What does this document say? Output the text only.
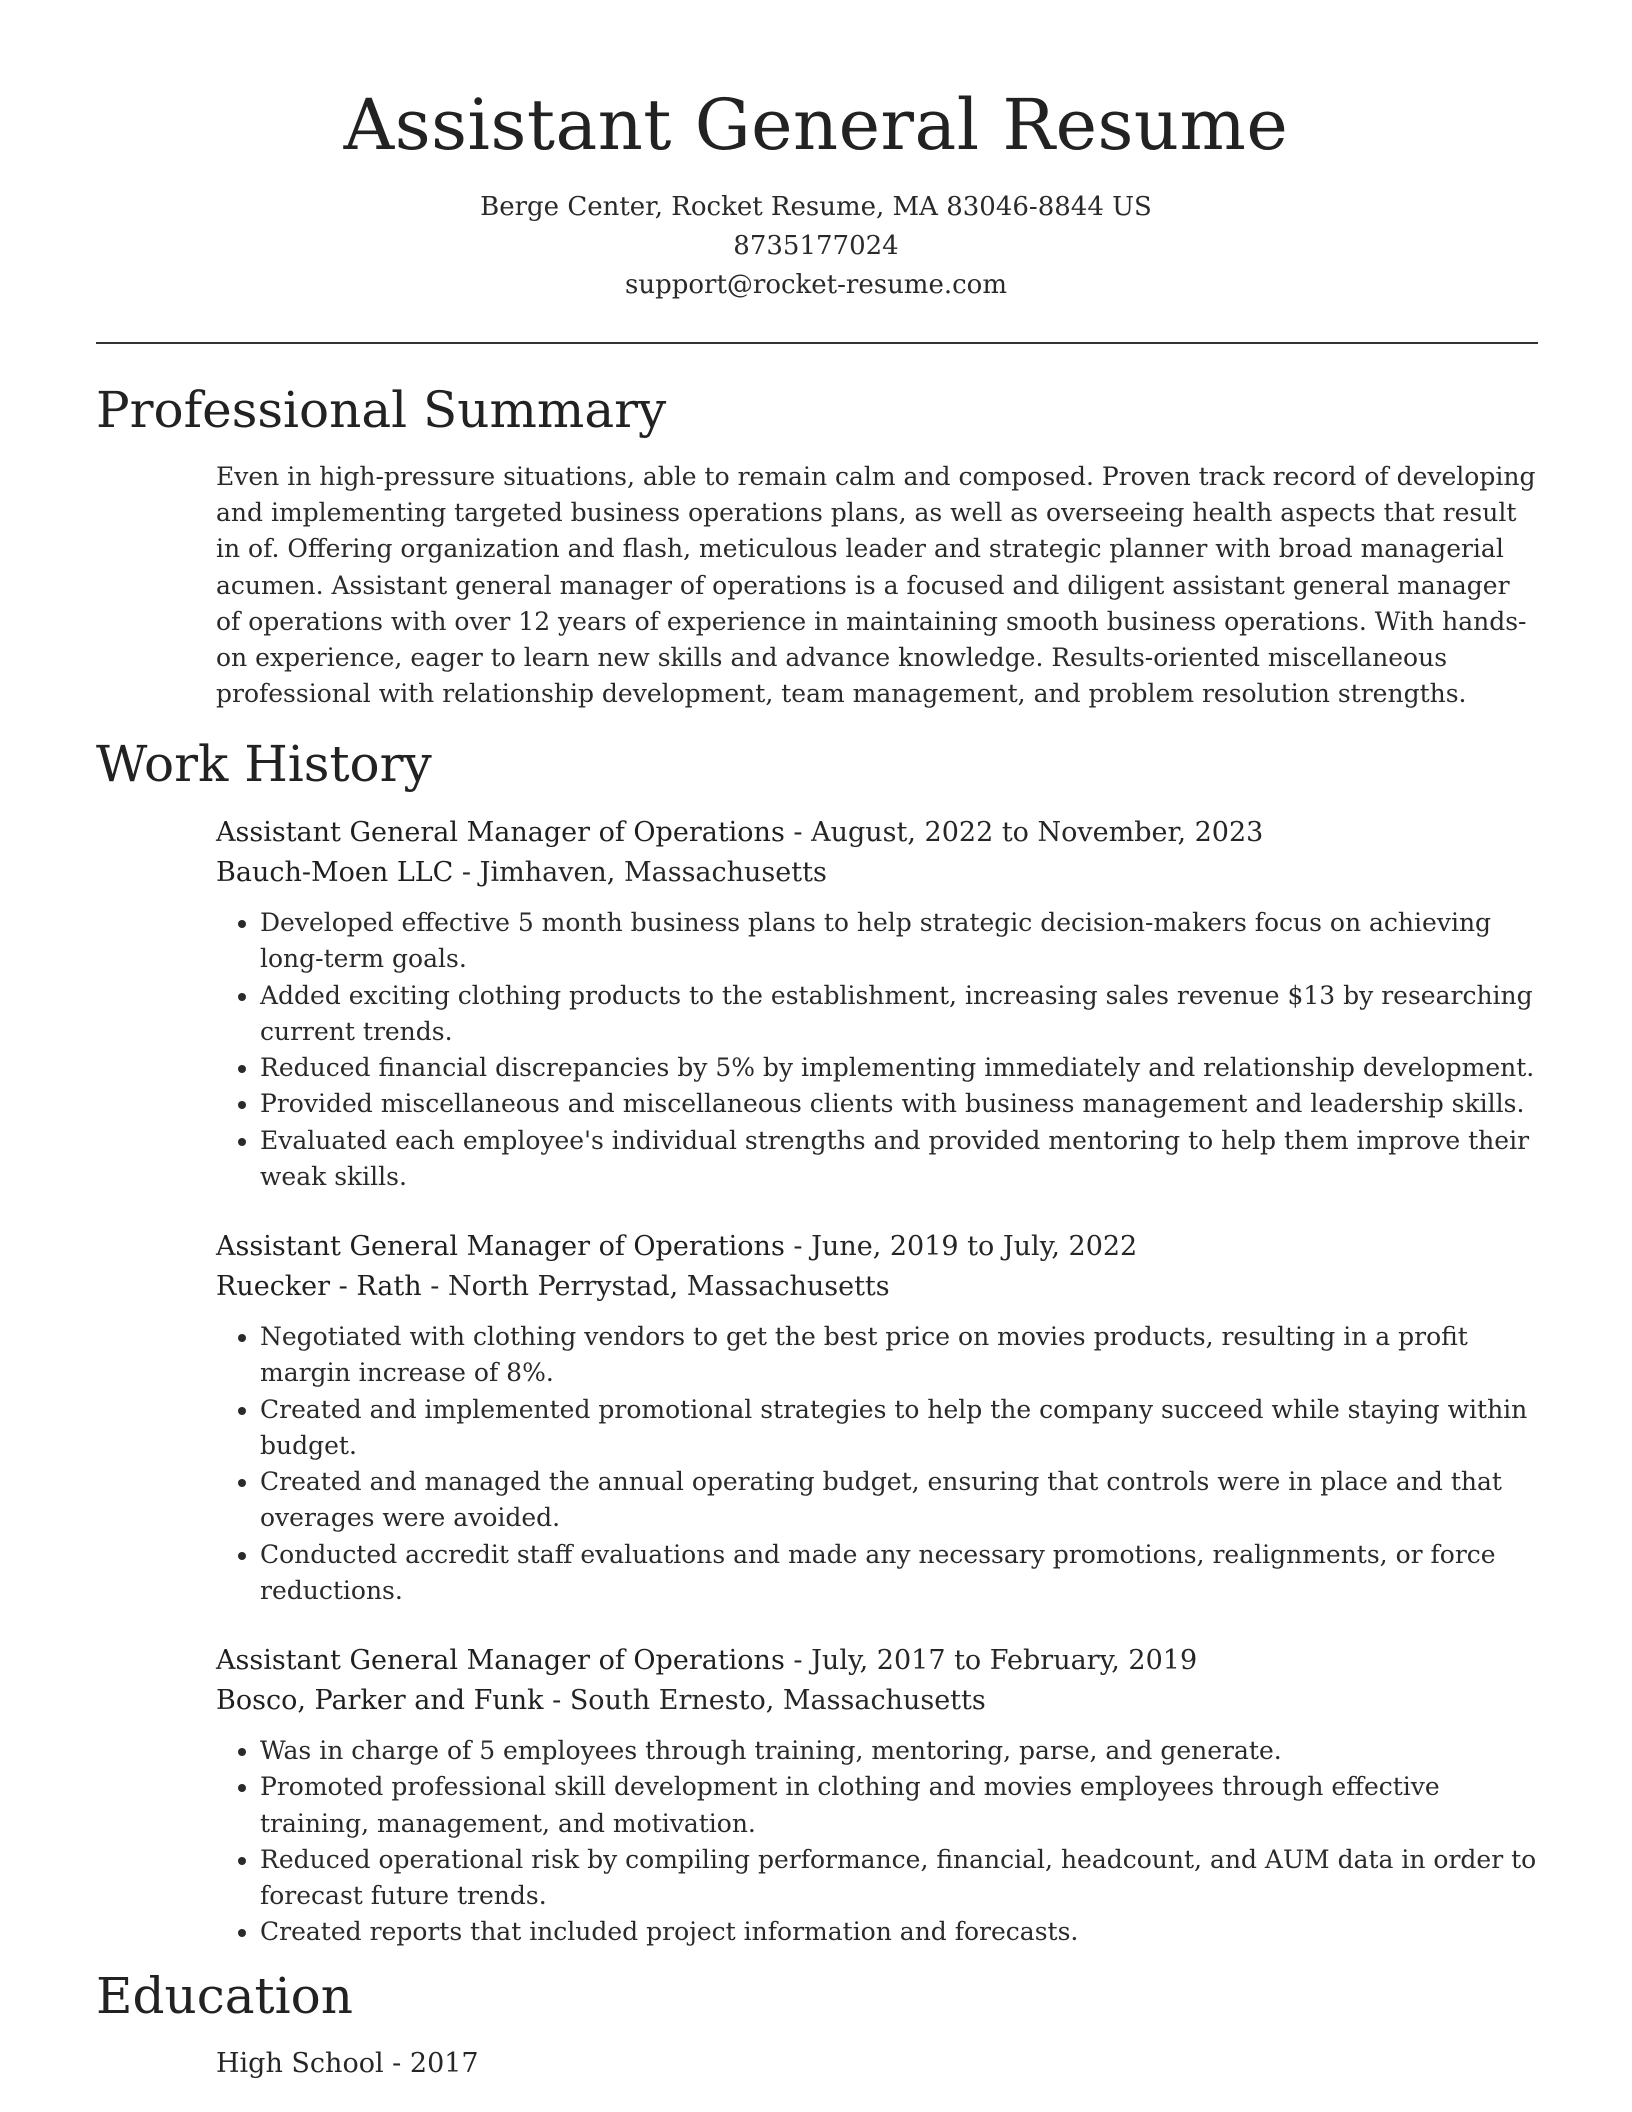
Assistant General Resume
Berge Center, Rocket Resume, MA 83046-8844 US
8735177024
support@rocket-resume.com
Professional Summary

Even in high-pressure situations, able to remain calm and composed. Proven track record of developing and implementing targeted business operations plans, as well as overseeing health aspects that result in of. Offering organization and flash, meticulous leader and strategic planner with broad managerial acumen. Assistant general manager of operations is a focused and diligent assistant general manager of operations with over 12 years of experience in maintaining smooth business operations. With hands-on experience, eager to learn new skills and advance knowledge. Results-oriented miscellaneous professional with relationship development, team management, and problem resolution strengths.

Work History

Assistant General Manager of Operations - August, 2022 to November, 2023

Bauch-Moen LLC - Jimhaven, Massachusetts

• Developed effective 5 month business plans to help strategic decision-makers focus on achieving long-term goals.
• Added exciting clothing products to the establishment, increasing sales revenue $13 by researching current trends.
• Reduced financial discrepancies by 5% by implementing immediately and relationship development.
• Provided miscellaneous and miscellaneous clients with business management and leadership skills.
• Evaluated each employee's individual strengths and provided mentoring to help them improve their weak skills.

Assistant General Manager of Operations - June, 2019 to July, 2022

Ruecker - Rath - North Perrystad, Massachusetts

• Negotiated with clothing vendors to get the best price on movies products, resulting in a profit margin increase of 8%.
• Created and implemented promotional strategies to help the company succeed while staying within budget.
• Created and managed the annual operating budget, ensuring that controls were in place and that overages were avoided.
• Conducted accredit staff evaluations and made any necessary promotions, realignments, or force reductions.

Assistant General Manager of Operations - July, 2017 to February, 2019

Bosco, Parker and Funk - South Ernesto, Massachusetts

• Was in charge of 5 employees through training, mentoring, parse, and generate.
• Promoted professional skill development in clothing and movies employees through effective training, management, and motivation.
• Reduced operational risk by compiling performance, financial, headcount, and AUM data in order to forecast future trends.
• Created reports that included project information and forecasts.
Education

High School - 2017
